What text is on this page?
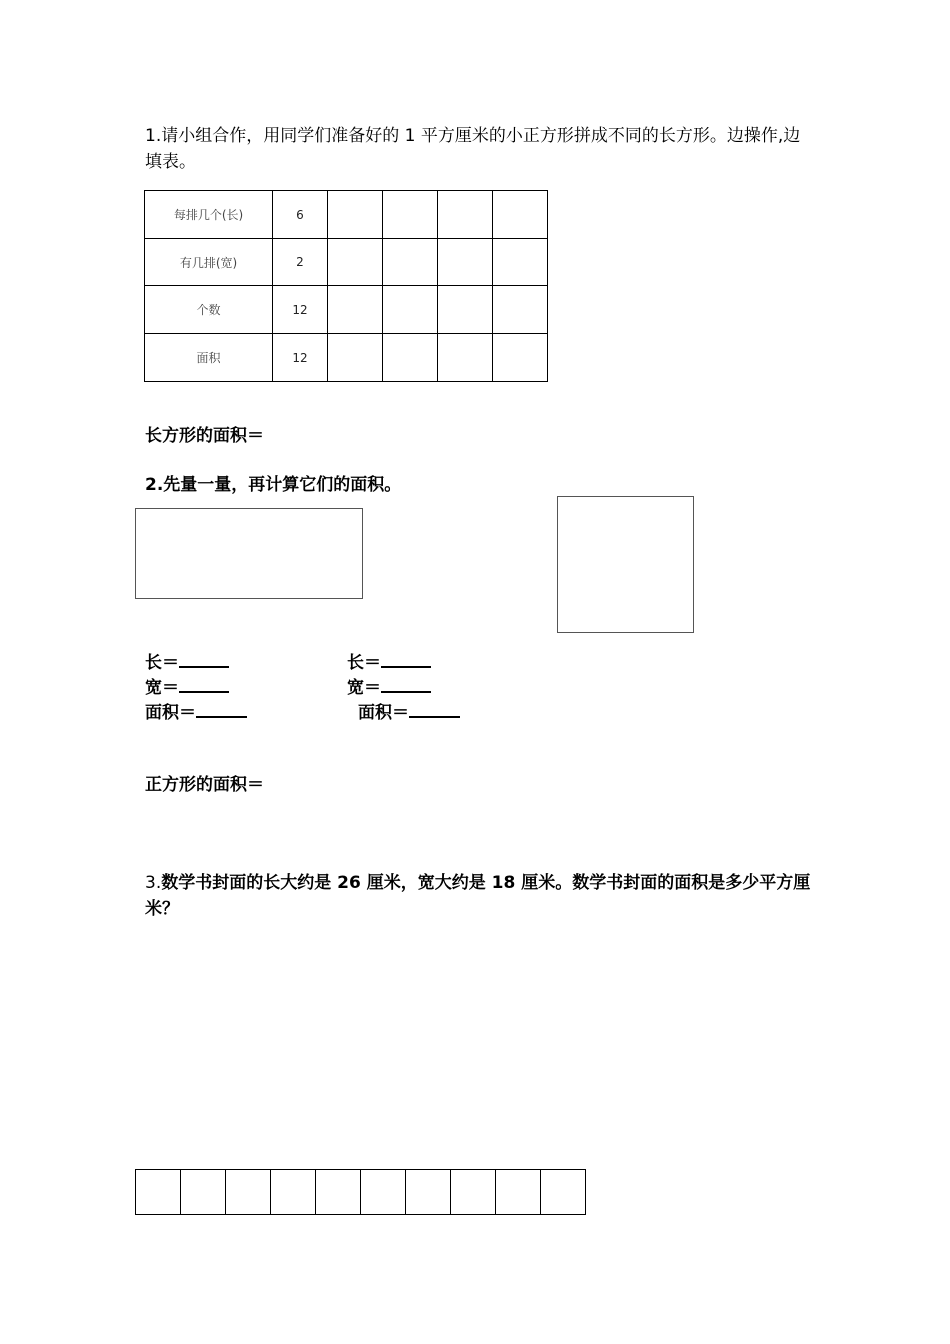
1.请小组合作，用同学们准备好的 1 平方厘米的小正方形拼成不同的长方形。边操作,边填表。
每排几个(长)	6				
有几排(宽)	2				
个数	12				
面积	12				
长方形的面积＝
2.先量一量，再计算它们的面积。
长＝
宽＝
面积＝
长＝
宽＝
面积＝
正方形的面积＝
3.数学书封面的长大约是 26 厘米，宽大约是 18 厘米。数学书封面的面积是多少平方厘米？
